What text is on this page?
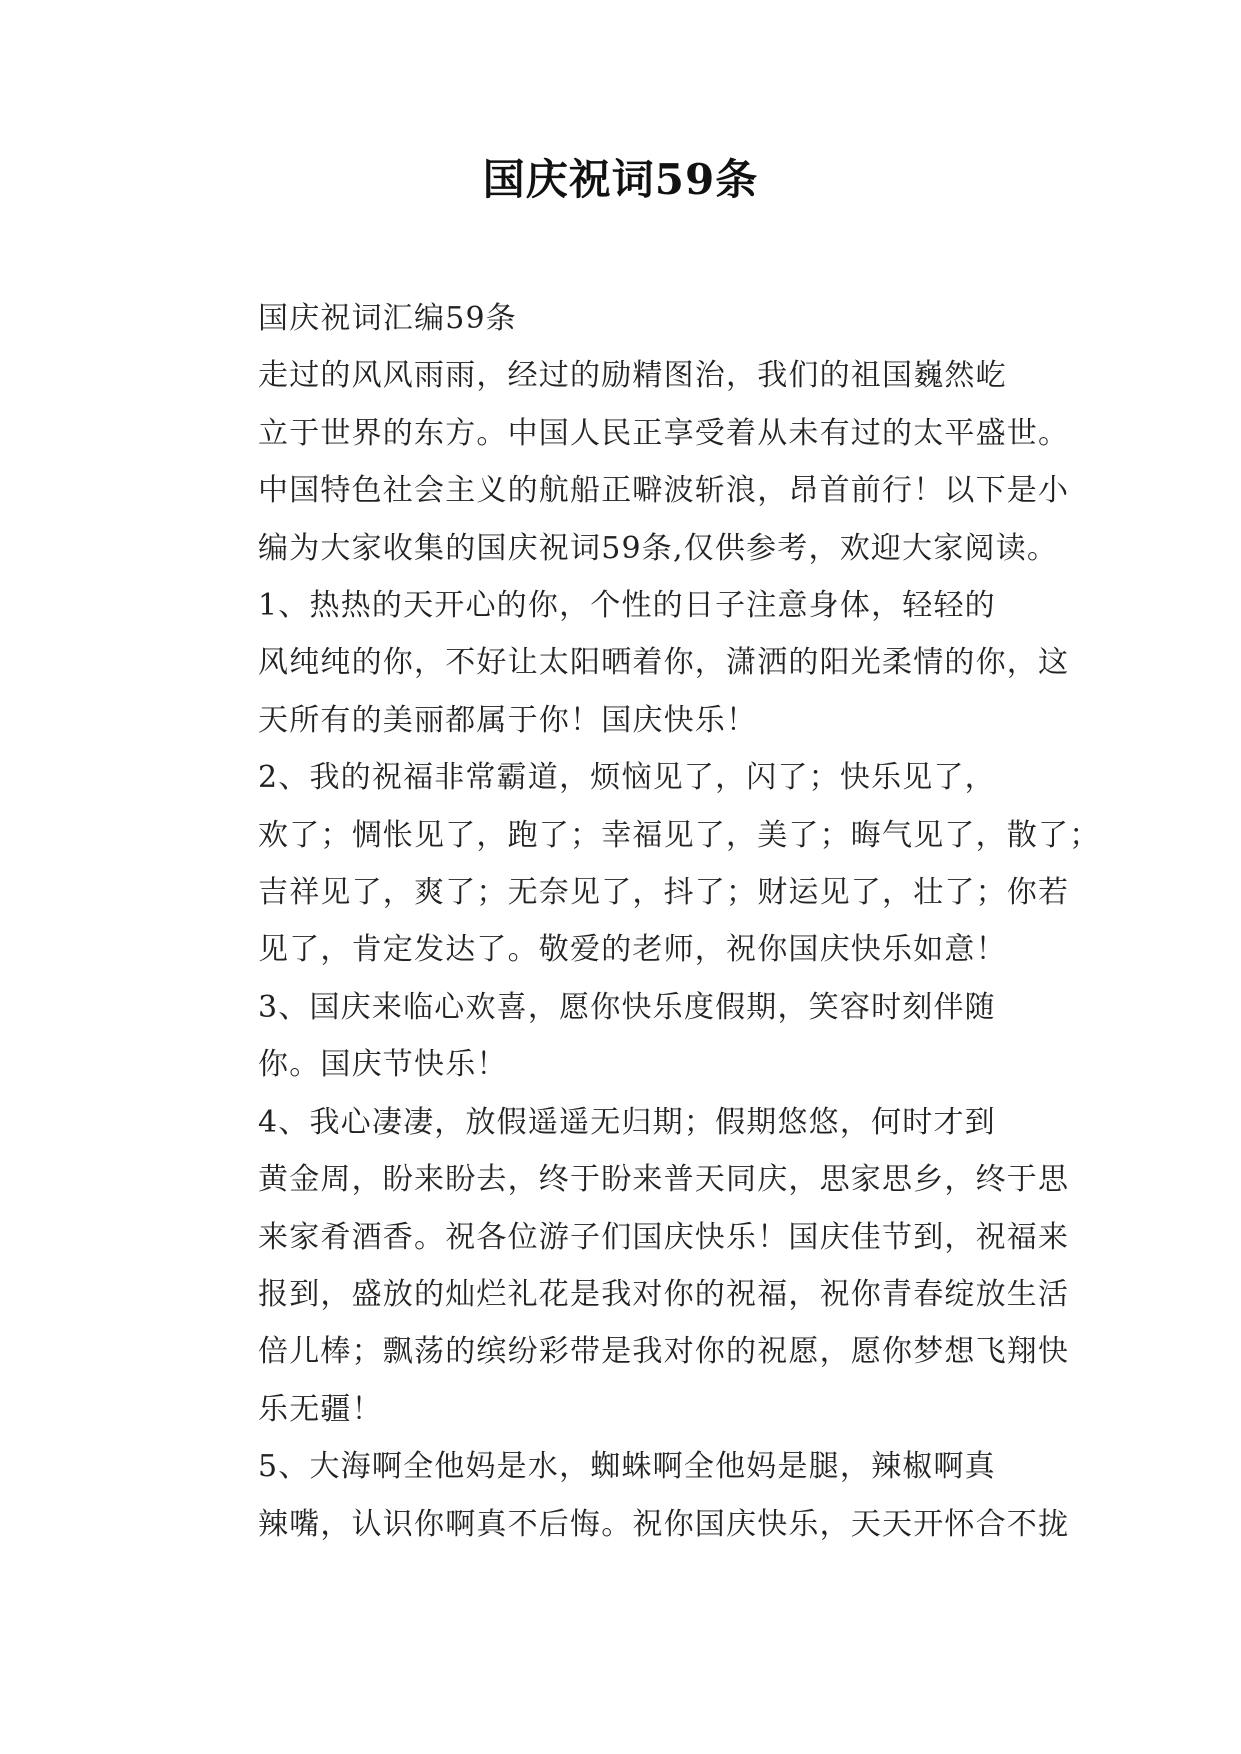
国庆祝词59条

国庆祝词汇编59条

走过的风风雨雨，经过的励精图治，我们的祖国巍然屹
立于世界的东方。中国人民正享受着从未有过的太平盛世。
中国特色社会主义的航船正噼波斩浪，昂首前行！以下是小
编为大家收集的国庆祝词59条,仅供参考，欢迎大家阅读。

1、热热的天开心的你，个性的日子注意身体，轻轻的
风纯纯的你，不好让太阳晒着你，潇洒的阳光柔情的你，这
天所有的美丽都属于你！国庆快乐！

2、我的祝福非常霸道，烦恼见了，闪了；快乐见了，
欢了；惆怅见了，跑了；幸福见了，美了；晦气见了，散了；
吉祥见了，爽了；无奈见了，抖了；财运见了，壮了；你若
见了，肯定发达了。敬爱的老师，祝你国庆快乐如意！

3、国庆来临心欢喜，愿你快乐度假期，笑容时刻伴随
你。国庆节快乐！

4、我心凄凄，放假遥遥无归期；假期悠悠，何时才到
黄金周，盼来盼去，终于盼来普天同庆，思家思乡，终于思
来家肴酒香。祝各位游子们国庆快乐！国庆佳节到，祝福来
报到，盛放的灿烂礼花是我对你的祝福，祝你青春绽放生活
倍儿棒；飘荡的缤纷彩带是我对你的祝愿，愿你梦想飞翔快
乐无疆！

5、大海啊全他妈是水，蜘蛛啊全他妈是腿，辣椒啊真
辣嘴，认识你啊真不后悔。祝你国庆快乐，天天开怀合不拢
